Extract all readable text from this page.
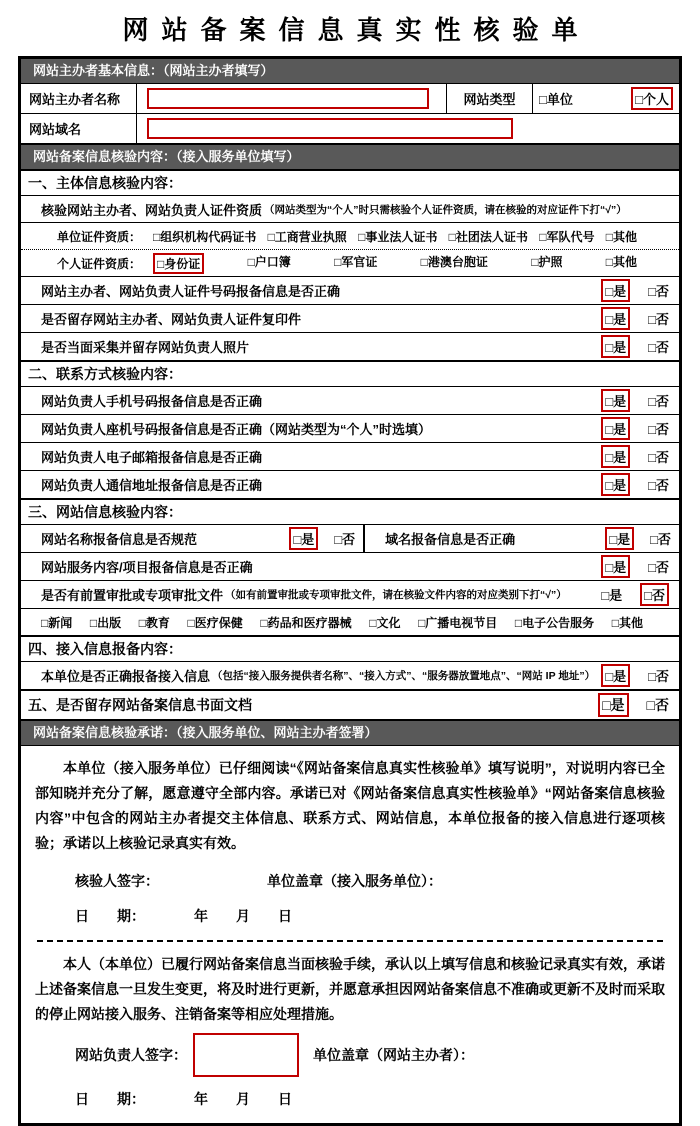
网站备案信息真实性核验单
网站主办者基本信息：（网站主办者填写）
网站主办者名称	网站类型	□单位	□个人
网站域名
网站备案信息核验内容：（接入服务单位填写）
一、主体信息核验内容：
核验网站主办者、网站负责人证件资质 （网站类型为“个人”时只需核验个人证件资质，请在核验的对应证件下打“√”）
单位证件资质： □组织机构代码证书 □工商营业执照 □事业法人证书 □社团法人证书 □军队代号 □其他
个人证件资质：	□身份证	□户口簿	□军官证	□港澳台胞证	□护照	□其他
网站主办者、网站负责人证件号码报备信息是否正确	□是	□否
是否留存网站主办者、网站负责人证件复印件	□是	□否
是否当面采集并留存网站负责人照片	□是	□否
二、联系方式核验内容：
网站负责人手机号码报备信息是否正确	□是	□否
网站负责人座机号码报备信息是否正确（网站类型为“个人”时选填）	□是	□否
网站负责人电子邮箱报备信息是否正确	□是	□否
网站负责人通信地址报备信息是否正确	□是	□否
三、网站信息核验内容：
网站名称报备信息是否规范	□是	□否 域名报备信息是否正确	□是	□否
网站服务内容/项目报备信息是否正确	□是	□否
是否有前置审批或专项审批文件 （如有前置审批或专项审批文件，请在核验文件内容的对应类别下打“√”）	□是	□否
□新闻 □出版 □教育 □医疗保健 □药品和医疗器械 □文化 □广播电视节目 □电子公告服务 □其他
四、接入信息报备内容：
本单位是否正确报备接入信息 （包括“接入服务提供者名称”、“接入方式”、“服务器放置地点”、“网站 IP 地址”） □是	□否
五、是否留存网站备案信息书面文档	□是 □否
网站备案信息核验承诺：（接入服务单位、网站主办者签署）

本单位（接入服务单位）已仔细阅读“《网站备案信息真实性核验单》填写说明”，对说明内容已全部知晓并充分了解，愿意遵守全部内容。承诺已对《网站备案信息真实性核验单》“网站备案信息核验内容”中包含的网站主办者提交主体信息、联系方式、网站信息，本单位报备的接入信息进行逐项核验；承诺以上核验记录真实有效。

核验人签字：	单位盖章（接入服务单位）：
日　　期：　　　　年　　月　　日

本人（本单位）已履行网站备案信息当面核验手续，承认以上填写信息和核验记录真实有效，承诺上述备案信息一旦发生变更，将及时进行更新，并愿意承担因网站备案信息不准确或更新不及时而采取的停止网站接入服务、注销备案等相应处理措施。

网站负责人签字：	单位盖章（网站主办者）：
日　　期：　　　　年　　月　　日
